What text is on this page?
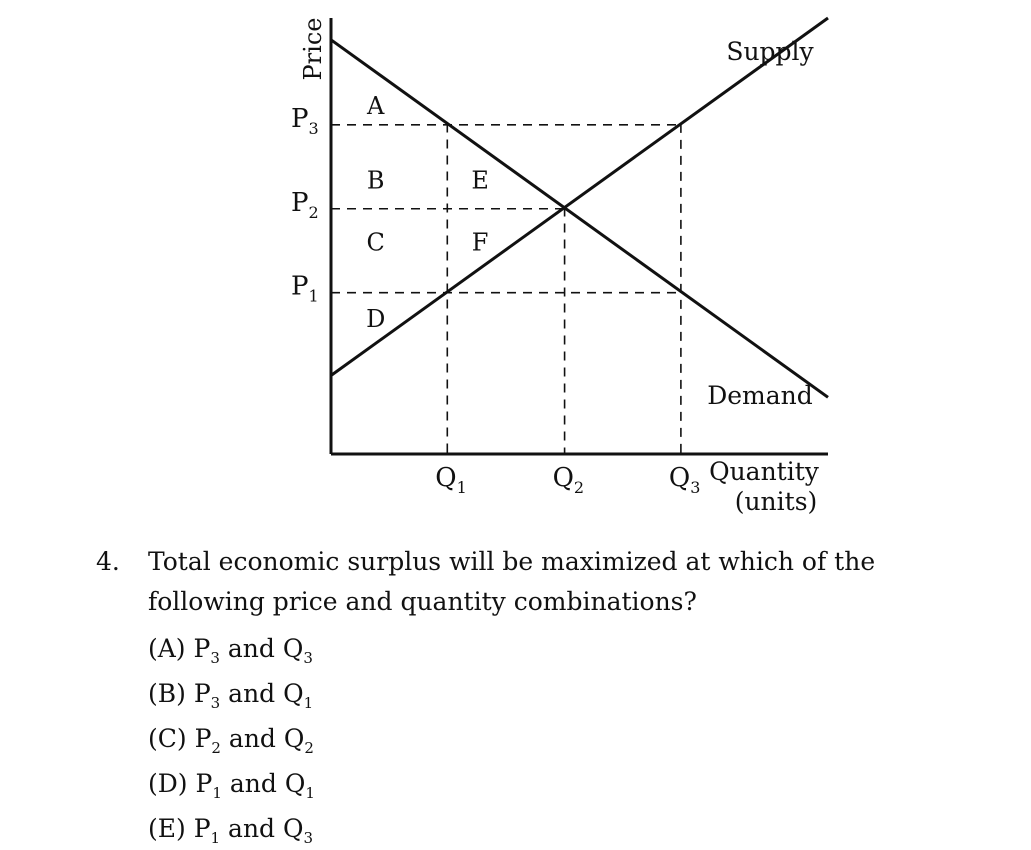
Price
$P_3$
$P_2$
$P_1$
$Q_1$	$Q_2$	$Q_3$
A
B
C
D
E
F
Supply
Demand
Quantity
(units)
4. Total economic surplus will be maximized at which of the following price and quantity combinations?
(A) $P_3$ and $Q_3$
(B) $P_3$ and $Q_1$
(C) $P_2$ and $Q_2$
(D) $P_1$ and $Q_1$
(E) $P_1$ and $Q_3$
